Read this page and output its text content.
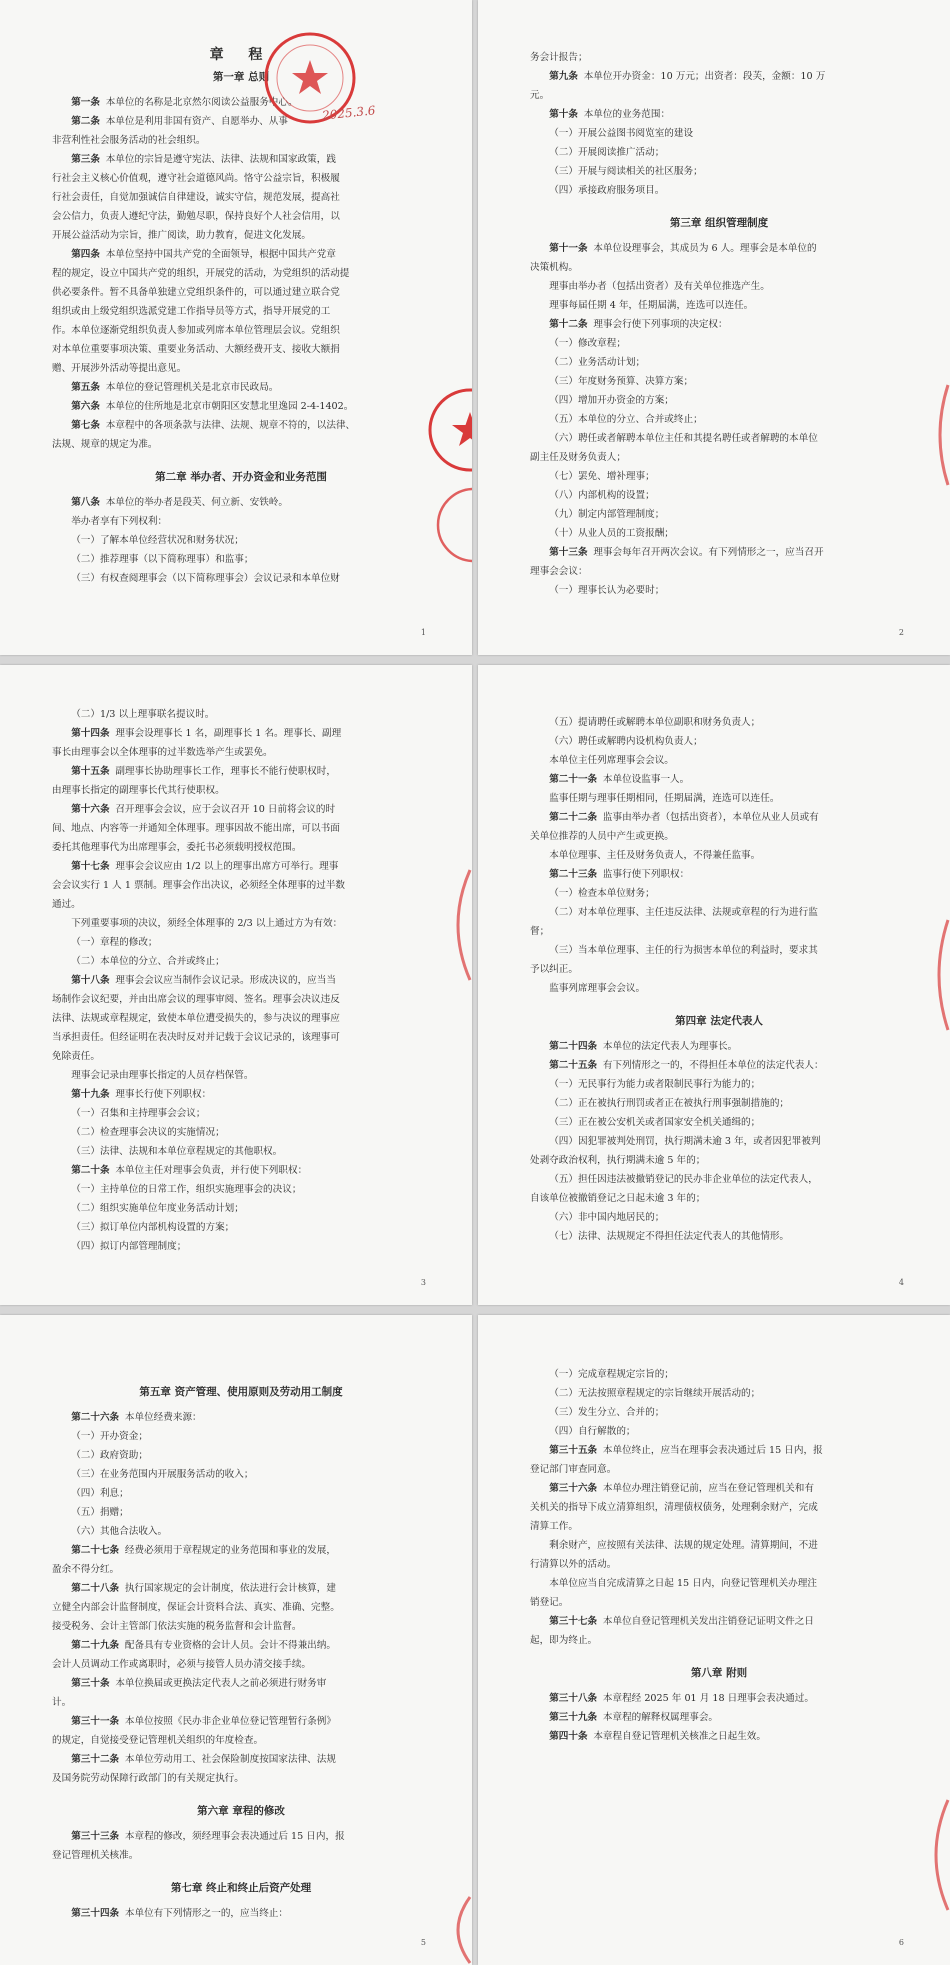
章 程
第一章 总则

第一条 本单位的名称是北京然尔阅读公益服务中心。

第二条 本单位是利用非国有资产、自愿举办、从事

非营利性社会服务活动的社会组织。

第三条 本单位的宗旨是遵守宪法、法律、法规和国家政策，践

行社会主义核心价值观，遵守社会道德风尚。恪守公益宗旨，积极履

行社会责任，自觉加强诚信自律建设，诚实守信，规范发展，提高社

会公信力，负责人遵纪守法，勤勉尽职，保持良好个人社会信用，以

开展公益活动为宗旨，推广阅读，助力教育，促进文化发展。

第四条 本单位坚持中国共产党的全面领导，根据中国共产党章

程的规定，设立中国共产党的组织，开展党的活动，为党组织的活动提

供必要条件。暂不具备单独建立党组织条件的，可以通过建立联合党

组织或由上级党组织选派党建工作指导员等方式，指导开展党的工

作。本单位逐渐党组织负责人参加或列席本单位管理层会议。党组织

对本单位重要事项决策、重要业务活动、大额经费开支、接收大额捐

赠、开展涉外活动等提出意见。

第五条 本单位的登记管理机关是北京市民政局。

第六条 本单位的住所地是北京市朝阳区安慧北里逸园 2-4-1402。

第七条 本章程中的各项条款与法律、法规、规章不符的，以法律、

法规、规章的规定为准。

第二章 举办者、开办资金和业务范围

第八条 本单位的举办者是段芙、何立新、安铁岭。

举办者享有下列权利：

（一）了解本单位经营状况和财务状况；

（二）推荐理事（以下简称理事）和监事；

（三）有权查阅理事会（以下简称理事会）会议记录和本单位财

2025.3.6
1

务会计报告；

第九条 本单位开办资金：10 万元；出资者：段芙，金额：10 万

元。

第十条 本单位的业务范围：

（一）开展公益图书阅览室的建设

（二）开展阅读推广活动；

（三）开展与阅读相关的社区服务；

（四）承接政府服务项目。

第三章 组织管理制度

第十一条 本单位设理事会，其成员为 6 人。理事会是本单位的

决策机构。

理事由举办者（包括出资者）及有关单位推选产生。

理事每届任期 4 年，任期届满，连选可以连任。

第十二条 理事会行使下列事项的决定权：

（一）修改章程；

（二）业务活动计划；

（三）年度财务预算、决算方案；

（四）增加开办资金的方案；

（五）本单位的分立、合并或终止；

（六）聘任或者解聘本单位主任和其提名聘任或者解聘的本单位

副主任及财务负责人；

（七）罢免、增补理事；

（八）内部机构的设置；

（九）制定内部管理制度；

（十）从业人员的工资报酬；

第十三条 理事会每年召开两次会议。有下列情形之一，应当召开

理事会会议：

（一）理事长认为必要时；

2

（二）1/3 以上理事联名提议时。

第十四条 理事会设理事长 1 名，副理事长 1 名。理事长、副理

事长由理事会以全体理事的过半数选举产生或罢免。

第十五条 副理事长协助理事长工作，理事长不能行使职权时，

由理事长指定的副理事长代其行使职权。

第十六条 召开理事会会议，应于会议召开 10 日前将会议的时

间、地点、内容等一并通知全体理事。理事因故不能出席，可以书面

委托其他理事代为出席理事会，委托书必须载明授权范围。

第十七条 理事会会议应由 1/2 以上的理事出席方可举行。理事

会会议实行 1 人 1 票制。理事会作出决议，必须经全体理事的过半数

通过。

下列重要事项的决议，须经全体理事的 2/3 以上通过方为有效：

（一）章程的修改；

（二）本单位的分立、合并或终止；

第十八条 理事会会议应当制作会议记录。形成决议的，应当当

场制作会议纪要，并由出席会议的理事审阅、签名。理事会决议违反

法律、法规或章程规定，致使本单位遭受损失的，参与决议的理事应

当承担责任。但经证明在表决时反对并记载于会议记录的，该理事可

免除责任。

理事会记录由理事长指定的人员存档保管。

第十九条 理事长行使下列职权：

（一）召集和主持理事会会议；

（二）检查理事会决议的实施情况；

（三）法律、法规和本单位章程规定的其他职权。

第二十条 本单位主任对理事会负责，并行使下列职权：

（一）主持单位的日常工作，组织实施理事会的决议；

（二）组织实施单位年度业务活动计划；

（三）拟订单位内部机构设置的方案；

（四）拟订内部管理制度；

3

（五）提请聘任或解聘本单位副职和财务负责人；

（六）聘任或解聘内设机构负责人；

本单位主任列席理事会会议。

第二十一条 本单位设监事一人。

监事任期与理事任期相同，任期届满，连选可以连任。

第二十二条 监事由举办者（包括出资者），本单位从业人员或有

关单位推荐的人员中产生或更换。

本单位理事、主任及财务负责人，不得兼任监事。

第二十三条 监事行使下列职权：

（一）检查本单位财务；

（二）对本单位理事、主任违反法律、法规或章程的行为进行监

督；

（三）当本单位理事、主任的行为损害本单位的利益时，要求其

予以纠正。

监事列席理事会会议。

第四章 法定代表人

第二十四条 本单位的法定代表人为理事长。

第二十五条 有下列情形之一的，不得担任本单位的法定代表人：

（一）无民事行为能力或者限制民事行为能力的；

（二）正在被执行刑罚或者正在被执行刑事强制措施的；

（三）正在被公安机关或者国家安全机关通缉的；

（四）因犯罪被判处刑罚，执行期满未逾 3 年，或者因犯罪被判

处剥夺政治权利，执行期满未逾 5 年的；

（五）担任因违法被撤销登记的民办非企业单位的法定代表人，

自该单位被撤销登记之日起未逾 3 年的；

（六）非中国内地居民的；

（七）法律、法规规定不得担任法定代表人的其他情形。

4
第五章 资产管理、使用原则及劳动用工制度

第二十六条 本单位经费来源：

（一）开办资金；

（二）政府资助；

（三）在业务范围内开展服务活动的收入；

（四）利息；

（五）捐赠；

（六）其他合法收入。

第二十七条 经费必须用于章程规定的业务范围和事业的发展，

盈余不得分红。

第二十八条 执行国家规定的会计制度，依法进行会计核算，建

立健全内部会计监督制度，保证会计资料合法、真实、准确、完整。

接受税务、会计主管部门依法实施的税务监督和会计监督。

第二十九条 配备具有专业资格的会计人员。会计不得兼出纳。

会计人员调动工作或离职时，必须与接管人员办清交接手续。

第三十条 本单位换届或更换法定代表人之前必须进行财务审

计。

第三十一条 本单位按照《民办非企业单位登记管理暂行条例》

的规定，自觉接受登记管理机关组织的年度检查。

第三十二条 本单位劳动用工、社会保险制度按国家法律、法规

及国务院劳动保障行政部门的有关规定执行。

第六章 章程的修改

第三十三条 本章程的修改，须经理事会表决通过后 15 日内，报

登记管理机关核准。

第七章 终止和终止后资产处理

第三十四条 本单位有下列情形之一的，应当终止：

5

（一）完成章程规定宗旨的；

（二）无法按照章程规定的宗旨继续开展活动的；

（三）发生分立、合并的；

（四）自行解散的；

第三十五条 本单位终止，应当在理事会表决通过后 15 日内，报

登记部门审查同意。

第三十六条 本单位办理注销登记前，应当在登记管理机关和有

关机关的指导下成立清算组织，清理债权债务，处理剩余财产，完成

清算工作。

剩余财产，应按照有关法律、法规的规定处理。清算期间，不进

行清算以外的活动。

本单位应当自完成清算之日起 15 日内，向登记管理机关办理注

销登记。

第三十七条 本单位自登记管理机关发出注销登记证明文件之日

起，即为终止。

第八章 附则

第三十八条 本章程经 2025 年 01 月 18 日理事会表决通过。

第三十九条 本章程的解释权属理事会。

第四十条 本章程自登记管理机关核准之日起生效。

6
